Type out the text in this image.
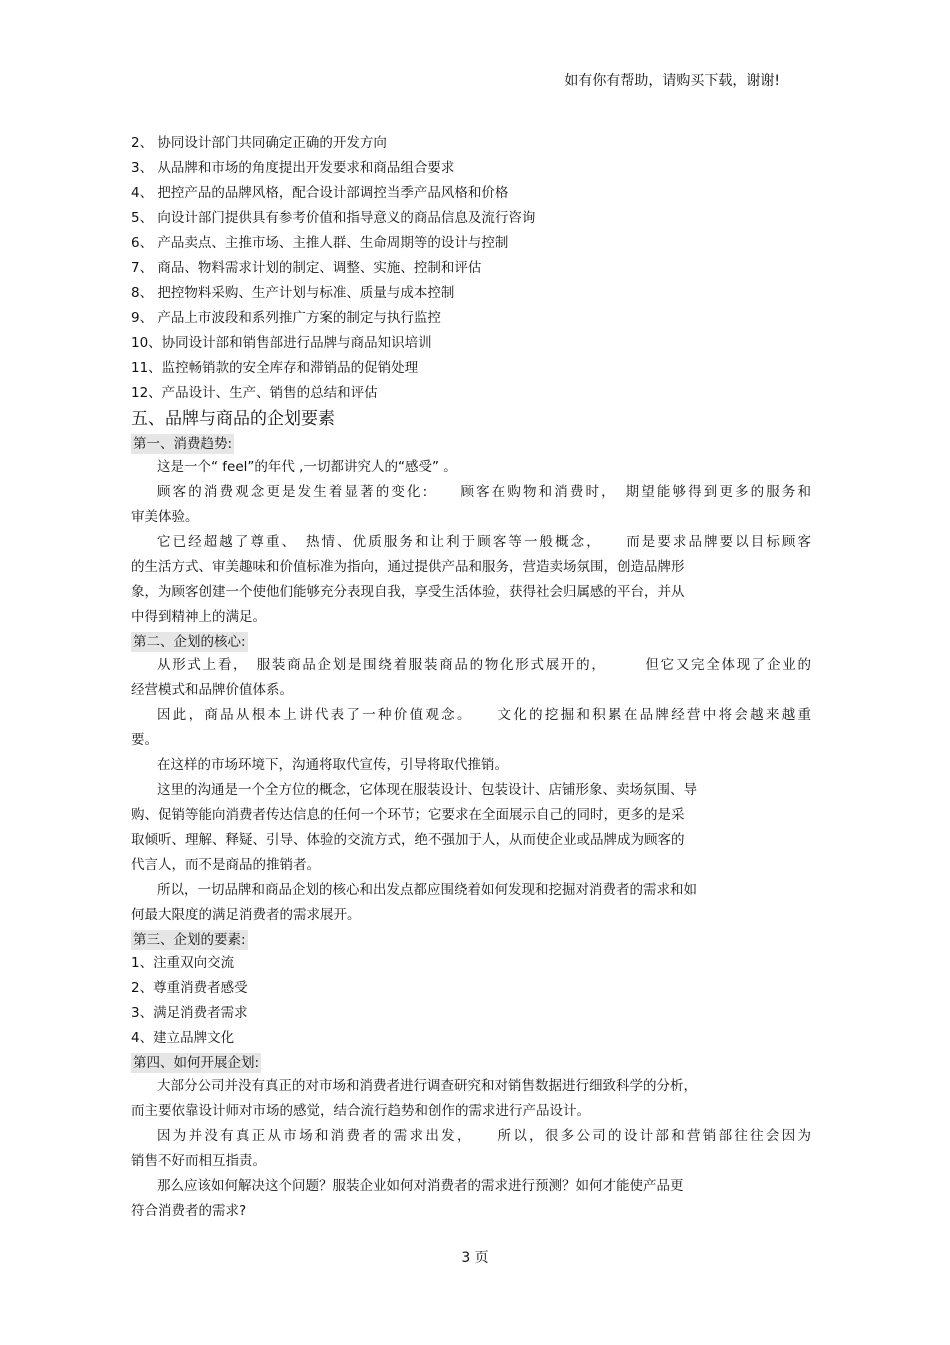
如有你有帮助，请购买下载，谢谢!
2、 协同设计部门共同确定正确的开发方向
3、 从品牌和市场的角度提出开发要求和商品组合要求
4、 把控产品的品牌风格，配合设计部调控当季产品风格和价格
5、 向设计部门提供具有参考价值和指导意义的商品信息及流行咨询
6、 产品卖点、主推市场、主推人群、生命周期等的设计与控制
7、 商品、物料需求计划的制定、调整、实施、控制和评估
8、 把控物料采购、生产计划与标准、质量与成本控制
9、 产品上市波段和系列推广方案的制定与执行监控
10、协同设计部和销售部进行品牌与商品知识培训
11、监控畅销款的安全库存和滞销品的促销处理
12、产品设计、生产、销售的总结和评估
五、品牌与商品的企划要素
第一、消费趋势:
这是一个“ feel”的年代 ,一切都讲究人的“感受” 。
顾客的消费观念更是发生着显著的变化:　　顾客在购物和消费时，　期望能够得到更多的服务和
审美体验。
它已经超越了尊重、　热情、优质服务和让利于顾客等一般概念，　　而是要求品牌要以目标顾客
的生活方式、审美趣味和价值标准为指向，通过提供产品和服务，营造卖场氛围，创造品牌形
象，为顾客创建一个使他们能够充分表现自我，享受生活体验，获得社会归属感的平台，并从
中得到精神上的满足。
第二、企划的核心:
从形式上看，　服装商品企划是围绕着服装商品的物化形式展开的，　　　但它又完全体现了企业的
经营模式和品牌价值体系。
因此，商品从根本上讲代表了一种价值观念。　　文化的挖掘和积累在品牌经营中将会越来越重
要。
在这样的市场环境下，沟通将取代宣传，引导将取代推销。
这里的沟通是一个全方位的概念，它体现在服装设计、包装设计、店铺形象、卖场氛围、导
购、促销等能向消费者传达信息的任何一个环节；它要求在全面展示自己的同时，更多的是采
取倾听、理解、释疑、引导、体验的交流方式，绝不强加于人，从而使企业或品牌成为顾客的
代言人，而不是商品的推销者。
所以，一切品牌和商品企划的核心和出发点都应围绕着如何发现和挖掘对消费者的需求和如
何最大限度的满足消费者的需求展开。
第三、企划的要素:
1、注重双向交流
2、尊重消费者感受
3、满足消费者需求
4、建立品牌文化
第四、如何开展企划:
大部分公司并没有真正的对市场和消费者进行调查研究和对销售数据进行细致科学的分析，
而主要依靠设计师对市场的感觉，结合流行趋势和创作的需求进行产品设计。
因为并没有真正从市场和消费者的需求出发，　　所以，很多公司的设计部和营销部往往会因为
销售不好而相互指责。
那么应该如何解决这个问题？服装企业如何对消费者的需求进行预测？如何才能使产品更
符合消费者的需求?
3 页
